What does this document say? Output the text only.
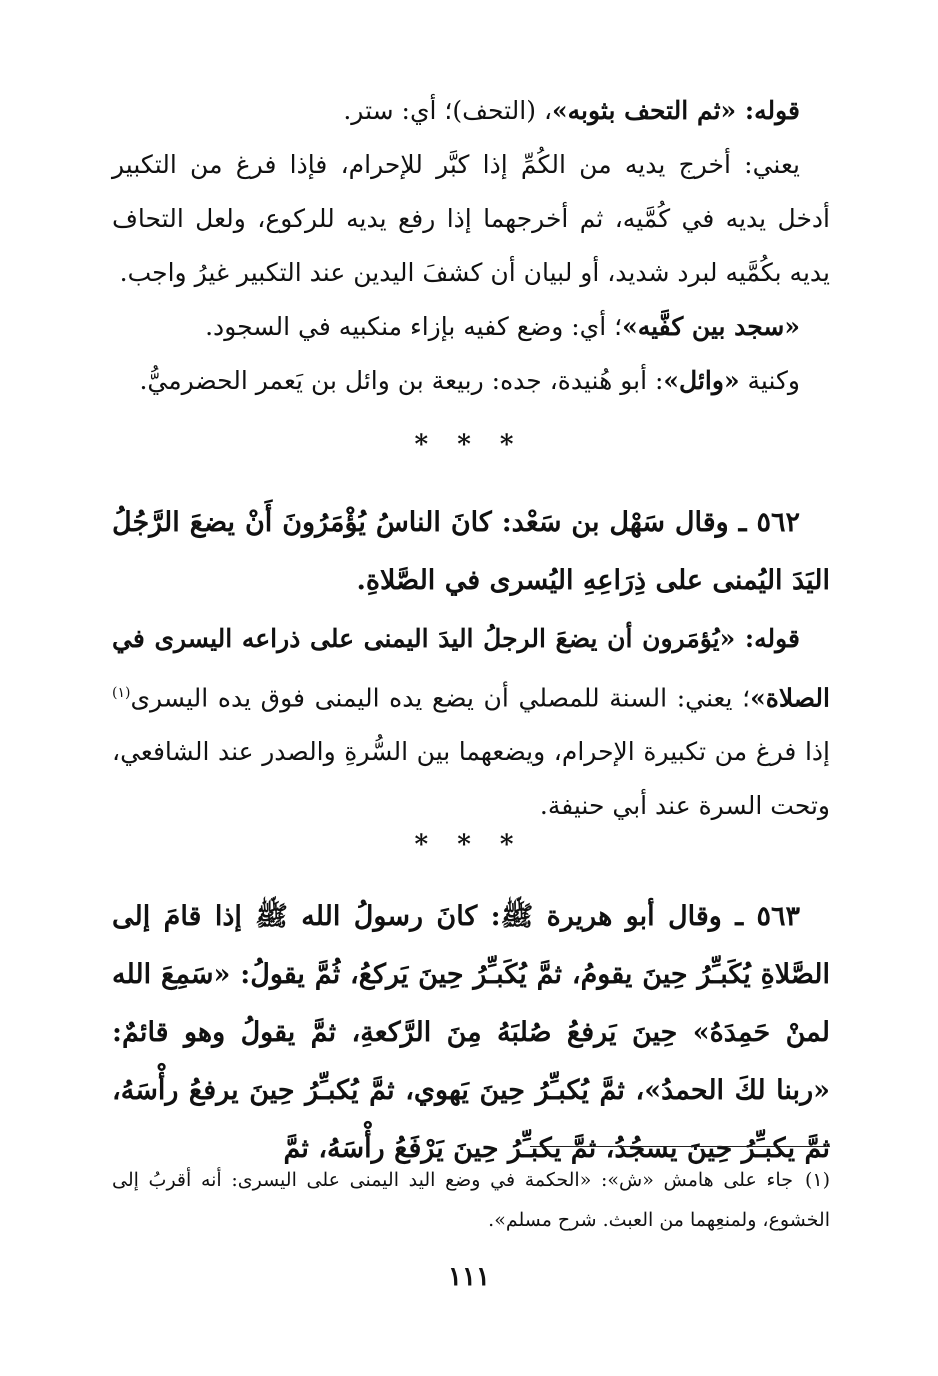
قوله: «ثم التحف بثوبه»، (التحف)؛ أي: ستر.

يعني: أخرج يديه من الكُمِّ إذا كبَّر للإحرام، فإذا فرغ من التكبير أدخل يديه في كُمَّيه، ثم أخرجهما إذا رفع يديه للركوع، ولعل التحاف يديه بكُمَّيه لبرد شديد، أو لبيان أن كشفَ اليدين عند التكبير غيرُ واجب.

«سجد بين كفَّيه»؛ أي: وضع كفيه بإزاء منكبيه في السجود.

وكنية «وائل»: أبو هُنيدة، جده: ربيعة بن وائل بن يَعمر الحضرميُّ.

* * *

٥٦٢ ـ وقال سَهْل بن سَعْد: كانَ الناسُ يُؤْمَرُونَ أَنْ يضعَ الرَّجُلُ اليَدَ اليُمنى على ذِرَاعِهِ اليُسرى في الصَّلاةِ.

قوله: «يُؤمَرون أن يضعَ الرجلُ اليدَ اليمنى على ذراعه اليسرى في الصلاة»؛ يعني: السنة للمصلي أن يضع يده اليمنى فوق يده اليسرى$^{(١)}$ إذا فرغ من تكبيرة الإحرام، ويضعهما بين السُّرةِ والصدر عند الشافعي، وتحت السرة عند أبي حنيفة.

* * *

٥٦٣ ـ وقال أبو هريرة ﷺ: كانَ رسولُ الله ﷺ إذا قامَ إلى الصَّلاةِ يُكَبـِّرُ حِينَ يقومُ، ثمَّ يُكَبـِّرُ حِينَ يَركعُ، ثُمَّ يقولُ: «سَمِعَ الله لمنْ حَمِدَهُ» حِينَ يَرفعُ صُلبَهُ مِنَ الرَّكعةِ، ثمَّ يقولُ وهو قائمٌ: «ربنا لكَ الحمدُ»، ثمَّ يُكبـِّرُ حِينَ يَهوي، ثمَّ يُكبـِّرُ حِينَ يرفعُ رأْسَهُ، ثمَّ يكبـِّرُ حِينَ يسجُدُ، ثمَّ يكبـِّرُ حِينَ يَرْفَعُ رأْسَهُ، ثمَّ

(١)جاء على هامش «ش»: «الحكمة في وضع اليد اليمنى على اليسرى: أنه أقربُ إلى الخشوع، ولمنعِهما من العبث. شرح مسلم».
١١١
